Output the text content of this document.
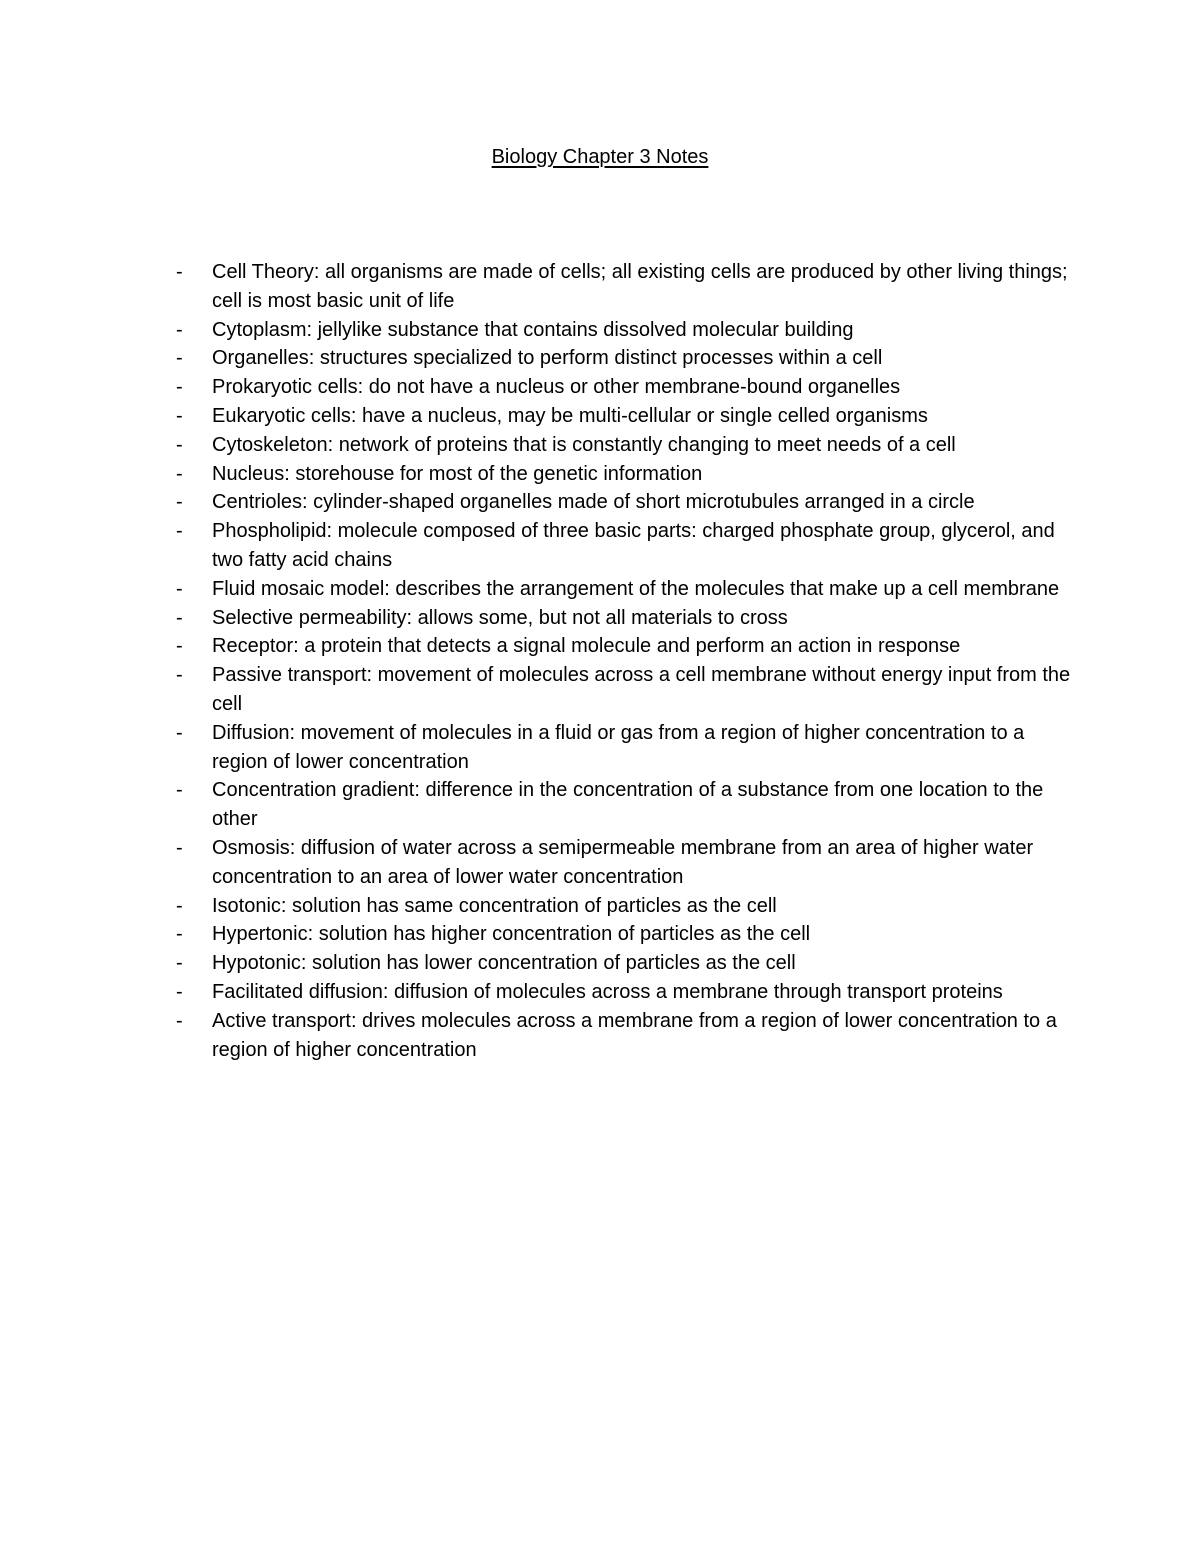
Biology Chapter 3 Notes
- Cell Theory: all organisms are made of cells; all existing cells are produced by other living things; cell is most basic unit of life
- Cytoplasm: jellylike substance that contains dissolved molecular building
- Organelles: structures specialized to perform distinct processes within a cell
- Prokaryotic cells: do not have a nucleus or other membrane-bound organelles
- Eukaryotic cells: have a nucleus, may be multi-cellular or single celled organisms
- Cytoskeleton: network of proteins that is constantly changing to meet needs of a cell
- Nucleus: storehouse for most of the genetic information
- Centrioles: cylinder-shaped organelles made of short microtubules arranged in a circle
- Phospholipid: molecule composed of three basic parts: charged phosphate group, glycerol, and two fatty acid chains
- Fluid mosaic model: describes the arrangement of the molecules that make up a cell membrane
- Selective permeability: allows some, but not all materials to cross
- Receptor: a protein that detects a signal molecule and perform an action in response
- Passive transport: movement of molecules across a cell membrane without energy input from the cell
- Diffusion: movement of molecules in a fluid or gas from a region of higher concentration to a region of lower concentration
- Concentration gradient: difference in the concentration of a substance from one location to the other
- Osmosis: diffusion of water across a semipermeable membrane from an area of higher water concentration to an area of lower water concentration
- Isotonic: solution has same concentration of particles as the cell
- Hypertonic: solution has higher concentration of particles as the cell
- Hypotonic: solution has lower concentration of particles as the cell
- Facilitated diffusion: diffusion of molecules across a membrane through transport proteins
- Active transport: drives molecules across a membrane from a region of lower concentration to a region of higher concentration
